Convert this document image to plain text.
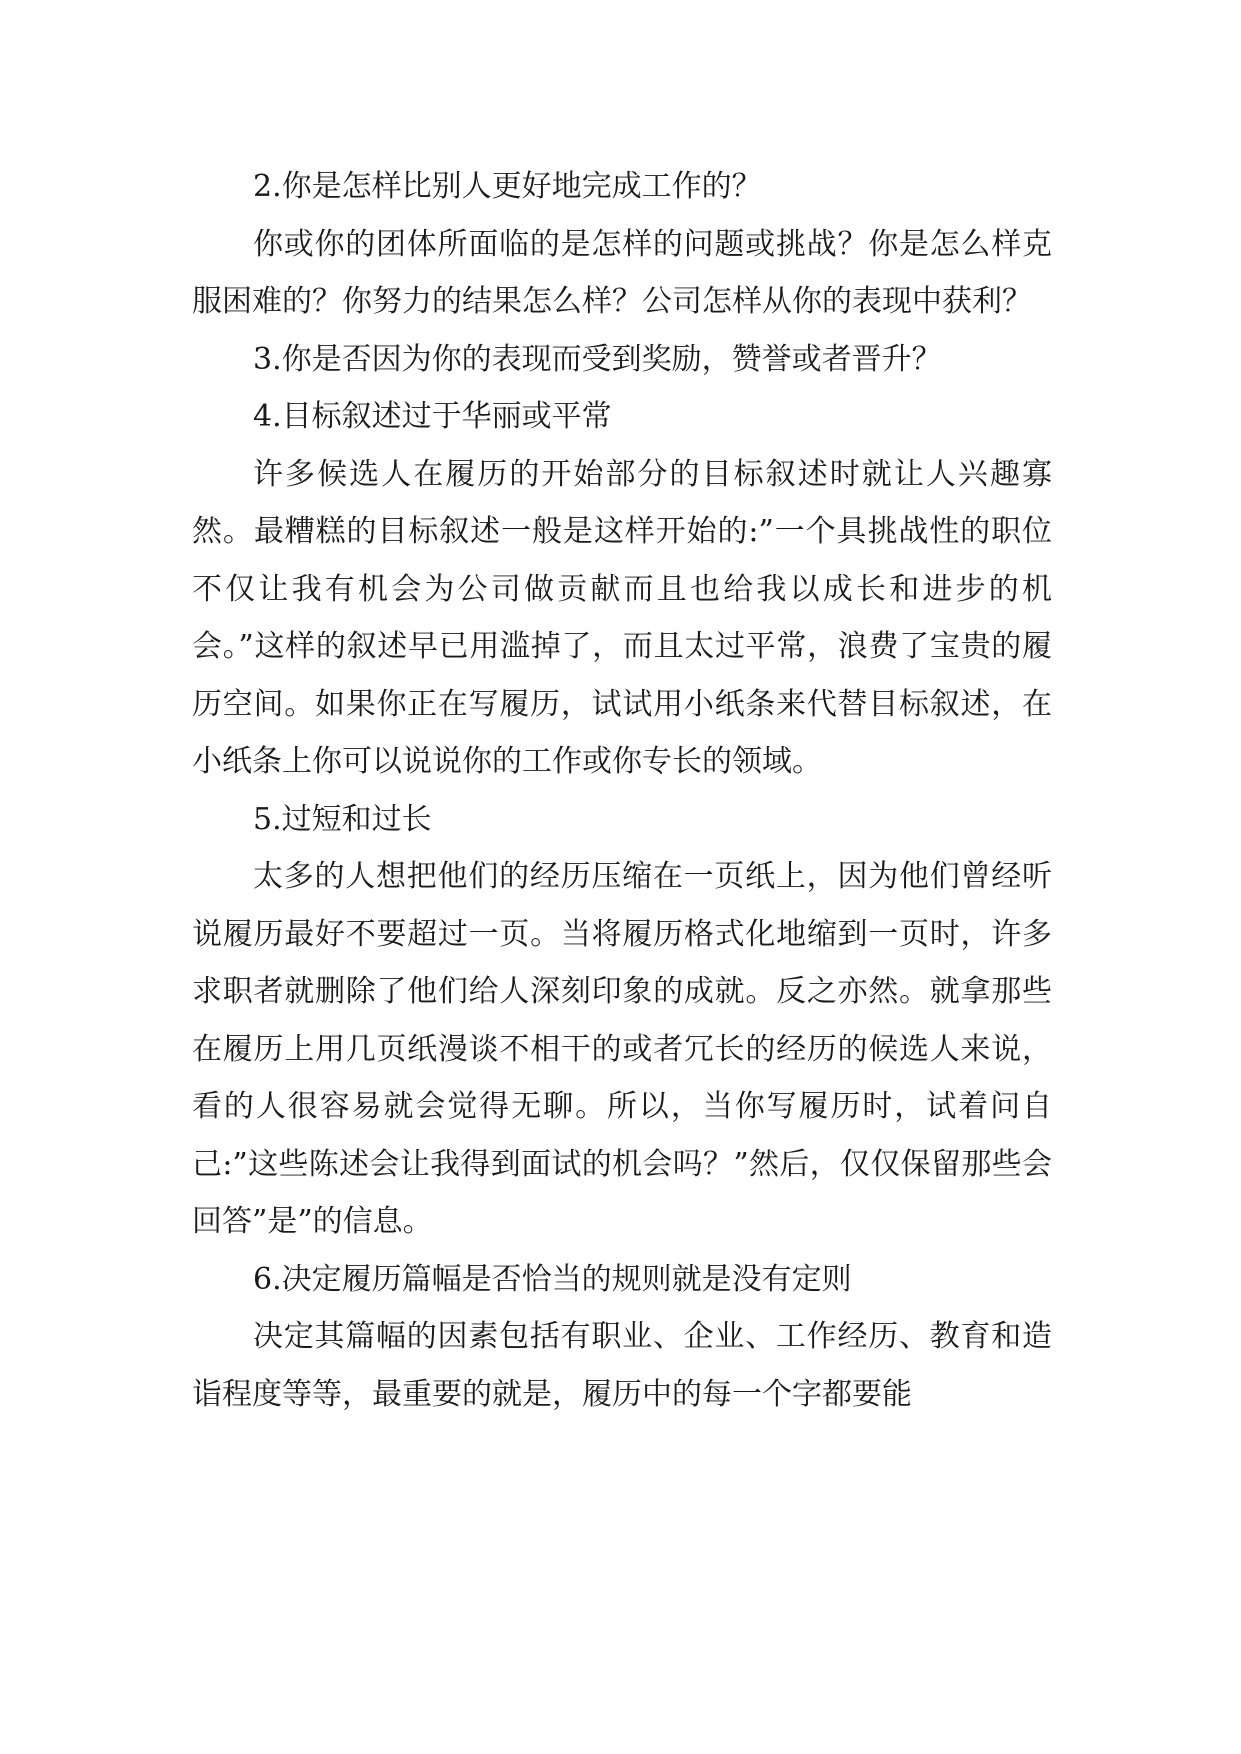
2.你是怎样比别人更好地完成工作的？

你或你的团体所面临的是怎样的问题或挑战？你是怎么样克服困难的？你努力的结果怎么样？公司怎样从你的表现中获利？

3.你是否因为你的表现而受到奖励，赞誉或者晋升？

4.目标叙述过于华丽或平常

许多候选人在履历的开始部分的目标叙述时就让人兴趣寡然。最糟糕的目标叙述一般是这样开始的:”一个具挑战性的职位不仅让我有机会为公司做贡献而且也给我以成长和进步的机会。”这样的叙述早已用滥掉了，而且太过平常，浪费了宝贵的履历空间。如果你正在写履历，试试用小纸条来代替目标叙述，在小纸条上你可以说说你的工作或你专长的领域。

5.过短和过长

太多的人想把他们的经历压缩在一页纸上，因为他们曾经听说履历最好不要超过一页。当将履历格式化地缩到一页时，许多求职者就删除了他们给人深刻印象的成就。反之亦然。就拿那些在履历上用几页纸漫谈不相干的或者冗长的经历的候选人来说，看的人很容易就会觉得无聊。所以，当你写履历时，试着问自己:”这些陈述会让我得到面试的机会吗？”然后，仅仅保留那些会回答”是”的信息。

6.决定履历篇幅是否恰当的规则就是没有定则

决定其篇幅的因素包括有职业、企业、工作经历、教育和造诣程度等等，最重要的就是，履历中的每一个字都要能
